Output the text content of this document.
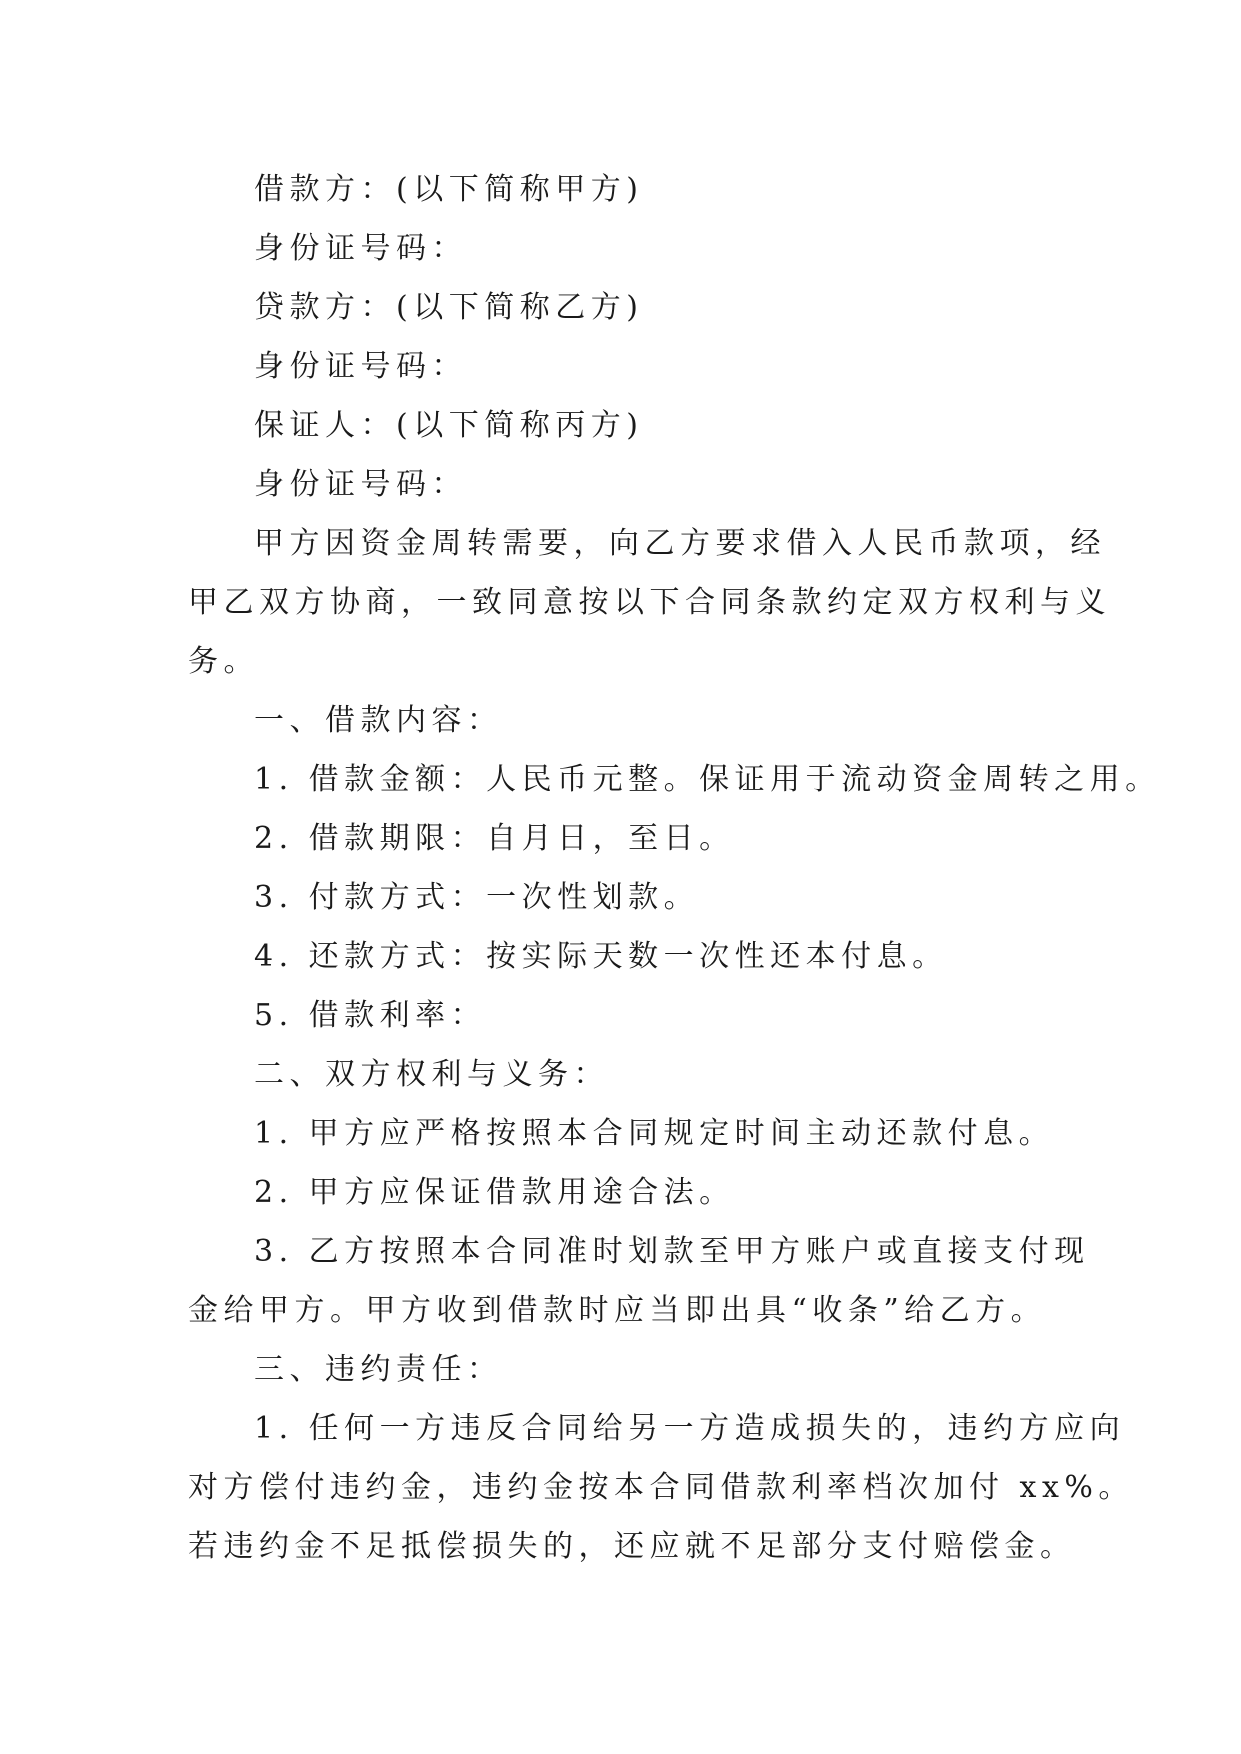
借款方：(以下简称甲方)

身份证号码：

贷款方：(以下简称乙方)

身份证号码：

保证人：(以下简称丙方)

身份证号码：

甲方因资金周转需要，向乙方要求借入人民币款项，经

甲乙双方协商，一致同意按以下合同条款约定双方权利与义

务。

一、借款内容：

1. 借款金额：人民币元整。保证用于流动资金周转之用。

2. 借款期限：自月日，至日。

3. 付款方式：一次性划款。

4. 还款方式：按实际天数一次性还本付息。

5. 借款利率：

二、双方权利与义务：

1. 甲方应严格按照本合同规定时间主动还款付息。

2. 甲方应保证借款用途合法。

3. 乙方按照本合同准时划款至甲方账户或直接支付现

金给甲方。甲方收到借款时应当即出具“收条”给乙方。

三、违约责任：

1. 任何一方违反合同给另一方造成损失的，违约方应向

对方偿付违约金，违约金按本合同借款利率档次加付 xx%。

若违约金不足抵偿损失的，还应就不足部分支付赔偿金。
